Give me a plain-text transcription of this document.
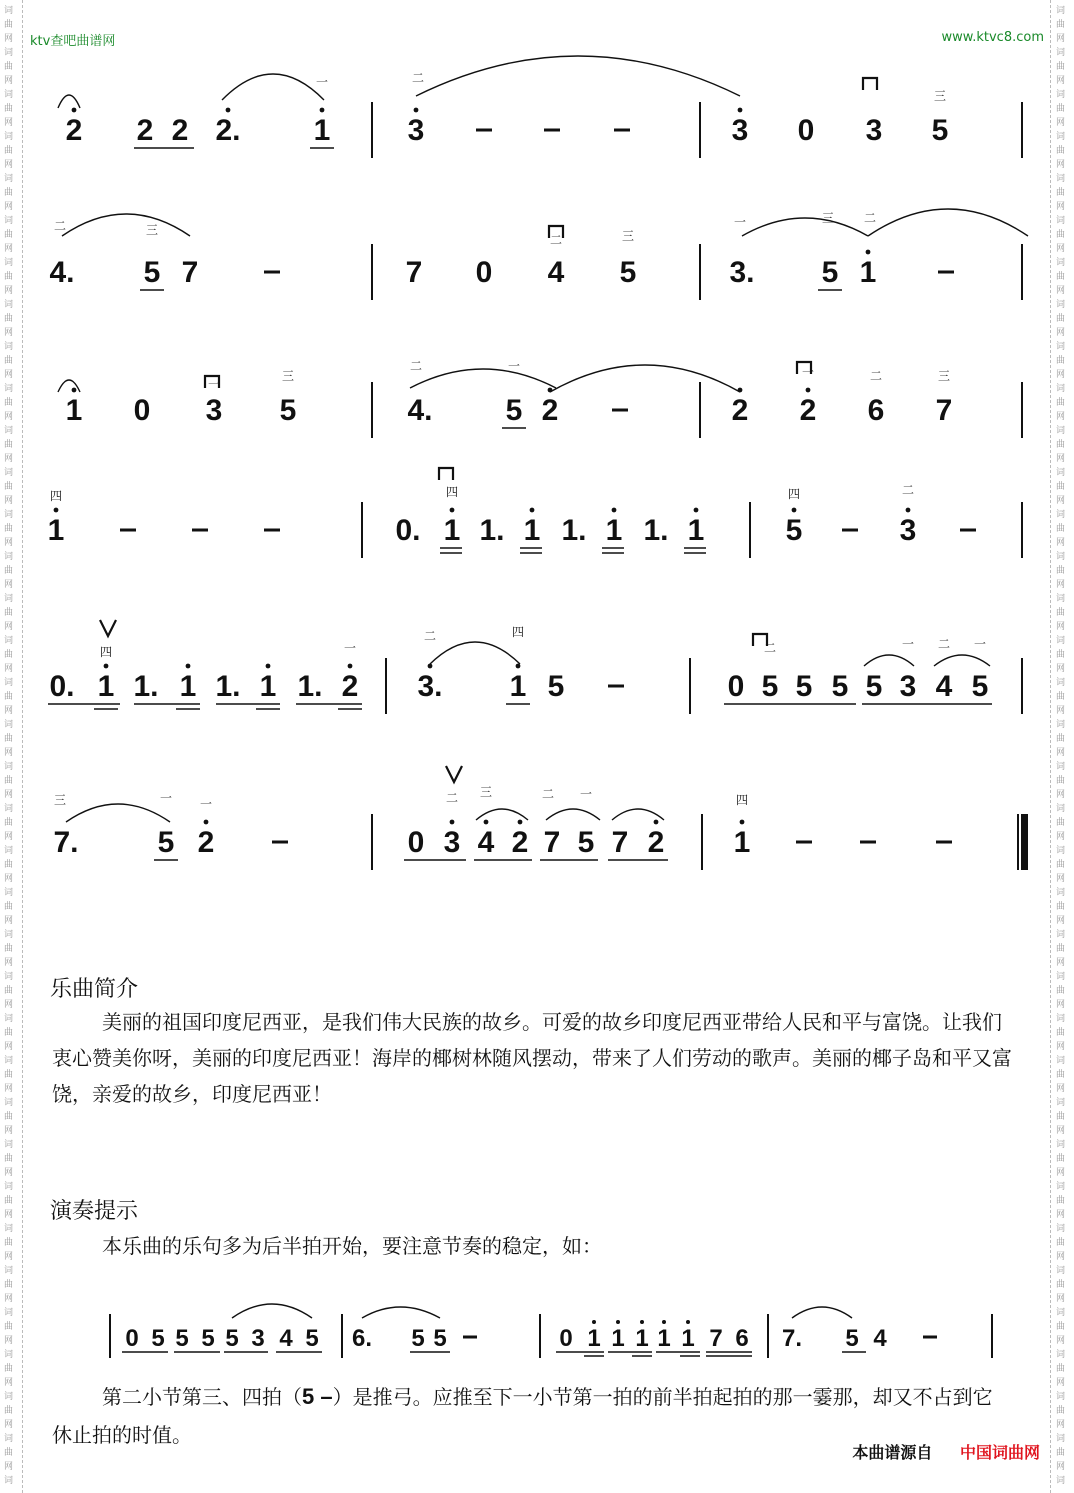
词
曲
网
词
曲
网
词
曲
网
词
曲
网
词
曲
网
词
曲
网
词
曲
网
词
曲
网
词
曲
网
词
曲
网
词
曲
网
词
曲
网
词
曲
网
词
曲
网
词
曲
网
词
曲
网
词
曲
网
词
曲
网
词
曲
网
词
曲
网
词
曲
网
词
曲
网
词
曲
网
词
曲
网
词
曲
网
词
曲
网
词
曲
网
词
曲
网
词
曲
网
词
曲
网
词
曲
网
词
曲
网
词
曲
网
词
曲
网
词
曲
网
词
词
曲
网
词
曲
网
词
曲
网
词
曲
网
词
曲
网
词
曲
网
词
曲
网
词
曲
网
词
曲
网
词
曲
网
词
曲
网
词
曲
网
词
曲
网
词
曲
网
词
曲
网
词
曲
网
词
曲
网
词
曲
网
词
曲
网
词
曲
网
词
曲
网
词
曲
网
词
曲
网
词
曲
网
词
曲
网
词
曲
网
词
曲
网
词
曲
网
词
曲
网
词
曲
网
词
曲
网
词
曲
网
词
曲
网
词
曲
网
词
曲
网
词
ktv查吧曲谱网	www.ktvc8.com
2 2 2 2. 1	3	3 0 3 5
4. 5 7	7 0 4 5	3. 5 1
1 0 3 5	4. 5 2	2 2 6 7
1	0. 1 1. 1 1. 1 1. 1	5	3
0. 1 1. 1 1. 1 1. 2 3. 1 5	0 5 5 5 5 3 4 5
7.	5 2	0 3 4 2 7 5 7 2 1
一	二
三
二	三
二	三
一	三 二
二	三
二	一	一	二	三
四	四	四	二
四	一
二	四
二	一 二 一
三	一 一	二 三	二 一	四
0 5 5 5 5 3 4 5 6. 5 5	0 1 1 1 1 1 7 6 7. 5 4
乐曲简介
美丽的祖国印度尼西亚，是我们伟大民族的故乡。可爱的故乡印度尼西亚带给人民和平与富饶。让我们衷心赞美你呀，美丽的印度尼西亚！海岸的椰树林随风摆动，带来了人们劳动的歌声。美丽的椰子岛和平又富饶，亲爱的故乡，印度尼西亚！
演奏提示
本乐曲的乐句多为后半拍开始，要注意节奏的稳定，如：
第二小节第三、四拍（5 –）是推弓。应推至下一小节第一拍的前半拍起拍的那一霎那，却又不占到它休止拍的时值。
本曲谱源自 中国词曲网
